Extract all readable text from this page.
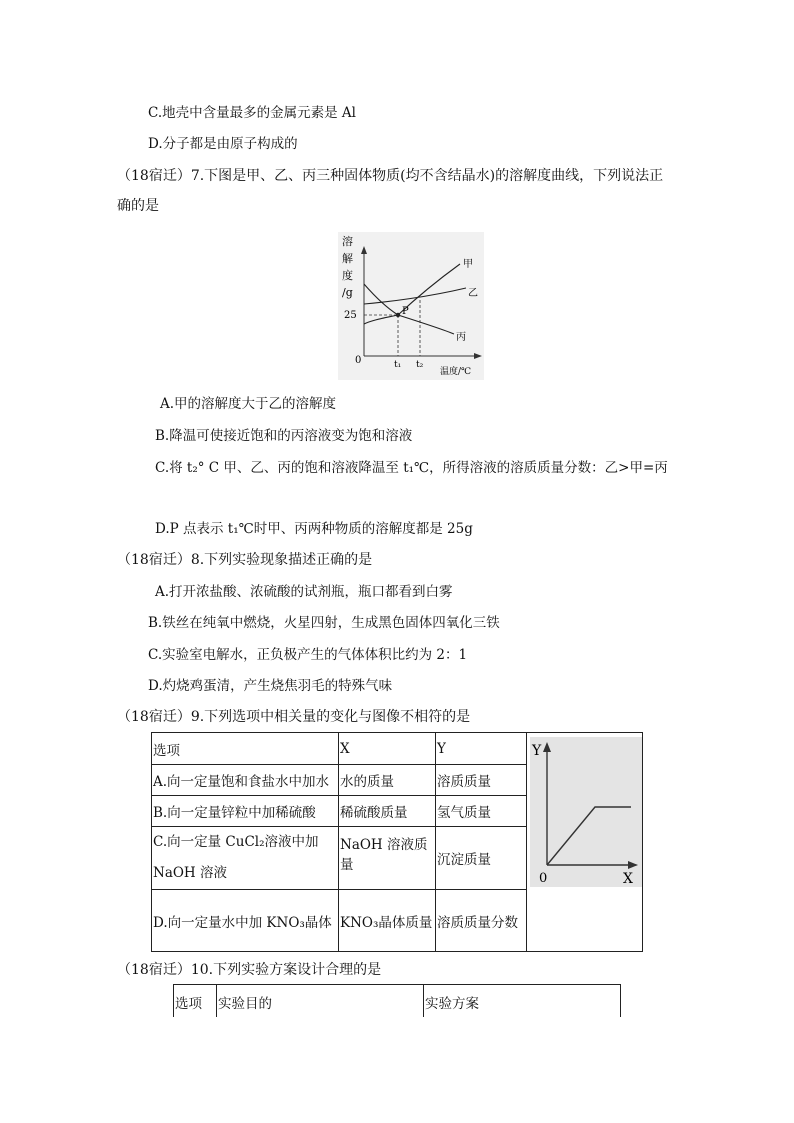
C.地壳中含量最多的金属元素是 Al
D.分子都是由原子构成的
（18宿迁）7.下图是甲、乙、丙三种固体物质(均不含结晶水)的溶解度曲线，下列说法正
确的是
溶
解
度
/g
25	P
甲
乙
丙
0	t₁ t₂
温度/℃
A.甲的溶解度大于乙的溶解度
B.降温可使接近饱和的丙溶液变为饱和溶液
C.将 t₂° C 甲、乙、丙的饱和溶液降温至 t₁℃，所得溶液的溶质质量分数：乙>甲=丙
D.P 点表示 t₁℃时甲、丙两种物质的溶解度都是 25g
（18宿迁）8.下列实验现象描述正确的是
A.打开浓盐酸、浓硫酸的试剂瓶，瓶口都看到白雾
B.铁丝在纯氧中燃烧，火星四射，生成黑色固体四氧化三铁
C.实验室电解水，正负极产生的气体体积比约为 2：1
D.灼烧鸡蛋清，产生烧焦羽毛的特殊气味
（18宿迁）9.下列选项中相关量的变化与图像不相符的是
选项	X	Y	Y
0 X

A.向一定量饱和食盐水中加水	水的质量	溶质质量	
B.向一定量锌粒中加稀硫酸	稀硫酸质量	氢气质量	
C.向一定量 CuCl₂溶液中加 NaOH 溶液	NaOH 溶液质量	沉淀质量	
D.向一定量水中加 KNO₃晶体	KNO₃晶体质量	溶质质量分数	
（18宿迁）10.下列实验方案设计合理的是
选项	实验目的	实验方案
